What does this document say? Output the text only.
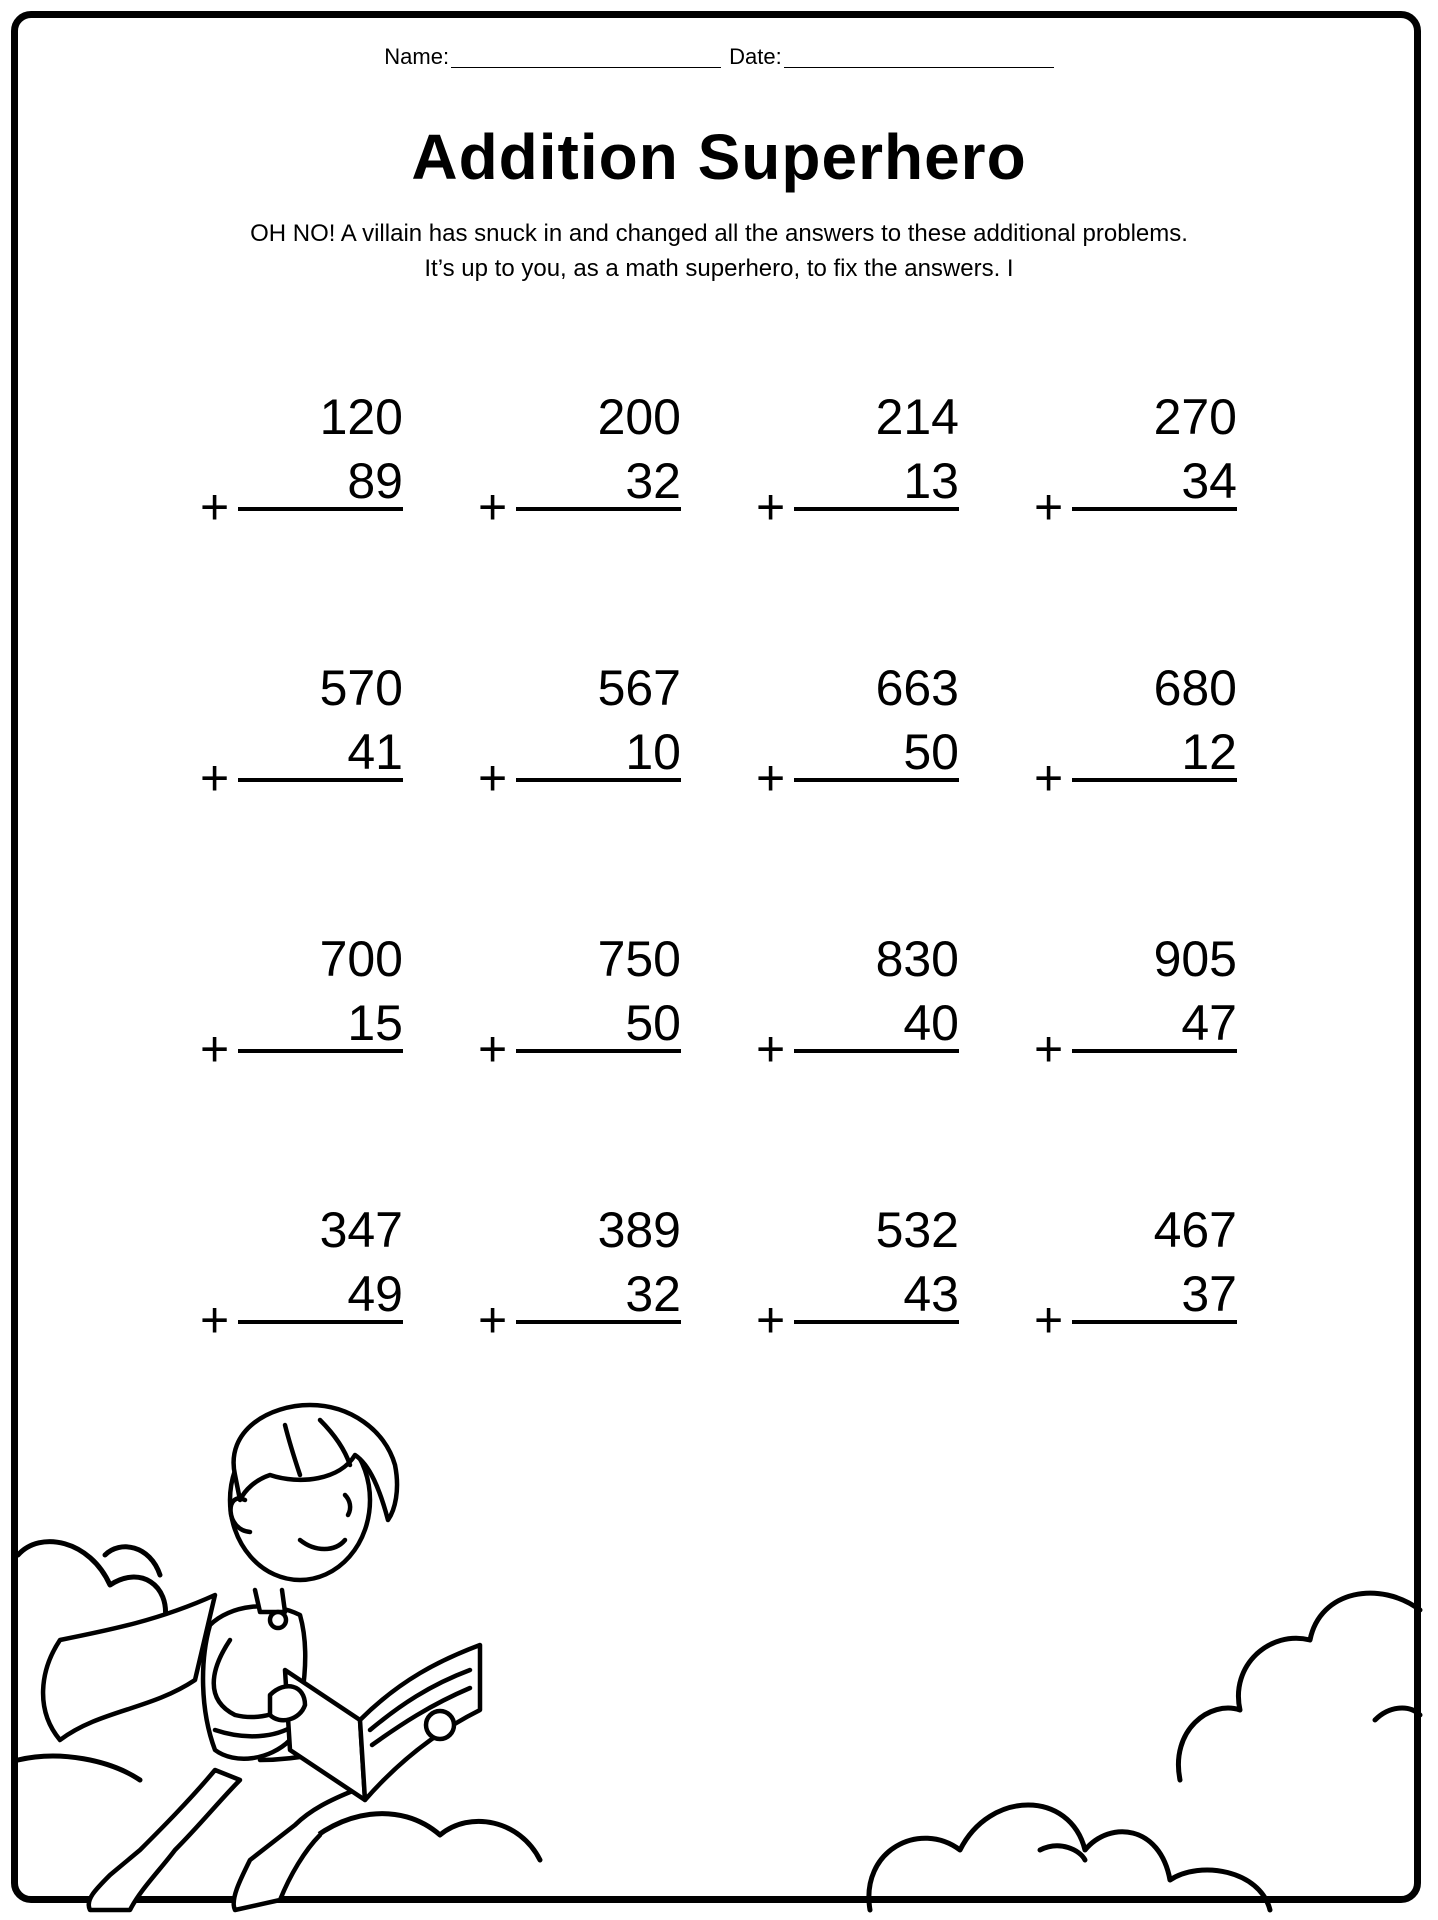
Name:	Date:
Addition Superhero
OH NO! A villain has snuck in and changed all the answers to these additional problems.
It’s up to you, as a math superhero, to fix the answers. I
120
89
+
200
32
+
214
13
+
270
34
+
570
41
+
567
10
+
663
50
+
680
12
+
700
15
+
750
50
+
830
40
+
905
47
+
347
49
+
389
32
+
532
43
+
467
37
+
